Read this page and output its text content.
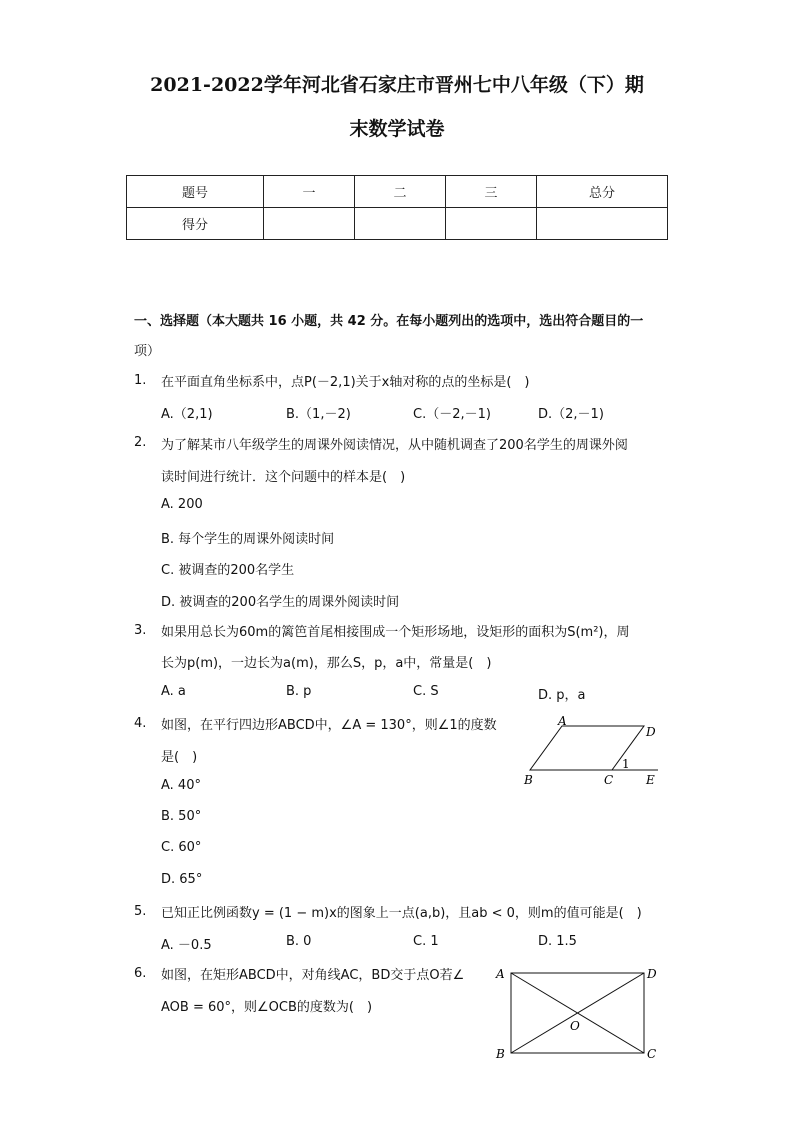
2021-2022学年河北省石家庄市晋州七中八年级（下）期
末数学试卷
题号	一	二	三	总分
得分				
一、选择题（本大题共 16 小题，共 42 分。在每小题列出的选项中，选出符合题目的一
项）
1. 在平面直角坐标系中，点P(－2,1)关于x轴对称的点的坐标是(　)
A.（2,1)	B.（1,－2)	C.（－2,－1)	D.（2,－1)
2. 为了解某市八年级学生的周课外阅读情况，从中随机调查了200名学生的周课外阅
读时间进行统计．这个问题中的样本是(　)
A. 200
B. 每个学生的周课外阅读时间
C. 被调查的200名学生
D. 被调查的200名学生的周课外阅读时间
3. 如果用总长为60m的篱笆首尾相接围成一个矩形场地，设矩形的面积为S(m²)，周
长为p(m)，一边长为a(m)，那么S，p，a中，常量是(　)
A. a	B. p	C. S	D. p，a
4. 如图，在平行四边形ABCD中，∠A = 130°，则∠1的度数
是(　)
A. 40°
B. 50°
C. 60°
D. 65°
A
D
B	C	E
1
5. 已知正比例函数y = (1 − m)x的图象上一点(a,b)，且ab < 0，则m的值可能是(　)
A. －0.5	B. 0	C. 1	D. 1.5
6. 如图，在矩形ABCD中，对角线AC，BD交于点O若∠
AOB = 60°，则∠OCB的度数为(　)
A	D
B	C
O
